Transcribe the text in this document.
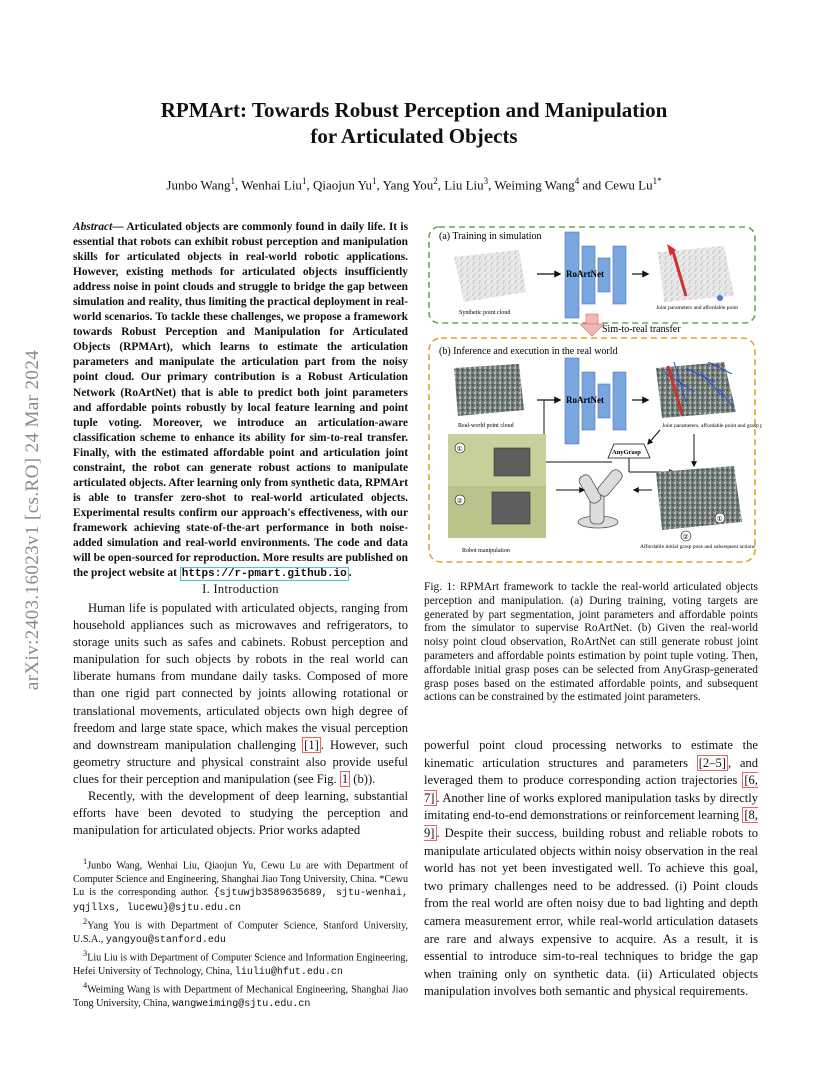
RPMArt: Towards Robust Perception and Manipulation
for Articulated Objects
Junbo Wang$^1$, Wenhai Liu$^1$, Qiaojun Yu$^1$, Yang You$^2$, Liu Liu$^3$, Weiming Wang$^4$ and Cewu $Lu^{1*}$
arXiv:2403.16023v1 [cs.RO] 24 Mar 2024
Abstract— Articulated objects are commonly found in daily life. It is essential that robots can exhibit robust perception and manipulation skills for articulated objects in real-world robotic applications. However, existing methods for articulated objects insufficiently address noise in point clouds and struggle to bridge the gap between simulation and reality, thus limiting the practical deployment in real-world scenarios. To tackle these challenges, we propose a framework towards Robust Perception and Manipulation for Articulated Objects (RPMArt), which learns to estimate the articulation parameters and manipulate the articulation part from the noisy point cloud. Our primary contribution is a Robust Articulation Network (RoArtNet) that is able to predict both joint parameters and affordable points robustly by local feature learning and point tuple voting. Moreover, we introduce an articulation-aware classification scheme to enhance its ability for sim-to-real transfer. Finally, with the estimated affordable point and articulation joint constraint, the robot can generate robust actions to manipulate articulated objects. After learning only from synthetic data, RPMArt is able to transfer zero-shot to real-world articulated objects. Experimental results confirm our approach's effectiveness, with our framework achieving state-of-the-art performance in both noise-added simulation and real-world environments. The code and data will be open-sourced for reproduction. More results are published on the project website at https://r-pmart.github.io .
I. Introduction

Human life is populated with articulated objects, ranging from household appliances such as microwaves and refrigerators, to storage units such as safes and cabinets. Robust perception and manipulation for such objects by robots in the real world can liberate humans from mundane daily tasks. Composed of more than one rigid part connected by joints allowing rotational or translational movements, articulated objects own high degree of freedom and large state space, which makes the visual perception and downstream manipulation challenging [1] . However, such geometry structure and physical constraint also provide useful clues for their perception and manipulation (see Fig. 1 (b)).

Recently, with the development of deep learning, substantial efforts have been devoted to studying the perception and manipulation for articulated objects. Prior works adapted

$^1$Junbo Wang, Wenhai Liu, Qiaojun Yu, Cewu Lu are with Department of Computer Science and Engineering, Shanghai Jiao Tong University, China. *Cewu Lu is the corresponding author. {sjtuwjb3589635689, sjtu-wenhai, yqjllxs, lucewu}@sjtu.edu.cn

$^2$Yang You is with Department of Computer Science, Stanford University, U.S.A., yangyou@stanford.edu

$^3$Liu Liu is with Department of Computer Science and Information Engineering, Hefei University of Technology, China, liuliu@hfut.edu.cn

$^4$Weiming Wang is with Department of Mechanical Engineering, Shanghai Jiao Tong University, China, wangweiming@sjtu.edu.cn

(a) Training in simulation
Synthetic point cloud
RoArtNet
Joint parameters and affordable point
Sim-to-real transfer
(b) Inference and execution in the real world
Real-world point cloud
RoArtNet
Joint parameters, affordable point and grasp poses
AnyGrasp
①
②
Robot manipulation
①
②
Affordable initial grasp pose and subsequent actions
Fig. 1: RPMArt framework to tackle the real-world articulated objects perception and manipulation. (a) During training, voting targets are generated by part segmentation, joint parameters and affordable points from the simulator to supervise RoArtNet. (b) Given the real-world noisy point cloud observation, RoArtNet can still generate robust joint parameters and affordable points estimation by point tuple voting. Then, affordable initial grasp poses can be selected from AnyGrasp-generated grasp poses based on the estimated affordable points, and subsequent actions can be constrained by the estimated joint parameters.

powerful point cloud processing networks to estimate the kinematic articulation structures and parameters [2–5] , and leveraged them to produce corresponding action trajectories [6, 7] . Another line of works explored manipulation tasks by directly imitating end-to-end demonstrations or reinforcement learning [8, 9] . Despite their success, building robust and reliable robots to manipulate articulated objects within noisy observation in the real world has not yet been investigated well. To achieve this goal, two primary challenges need to be addressed. (i) Point clouds from the real world are often noisy due to bad lighting and depth camera measurement error, while real-world articulation datasets are rare and always expensive to acquire. As a result, it is essential to introduce sim-to-real techniques to bridge the gap when training only on synthetic data. (ii) Articulated objects manipulation involves both semantic and physical requirements.
